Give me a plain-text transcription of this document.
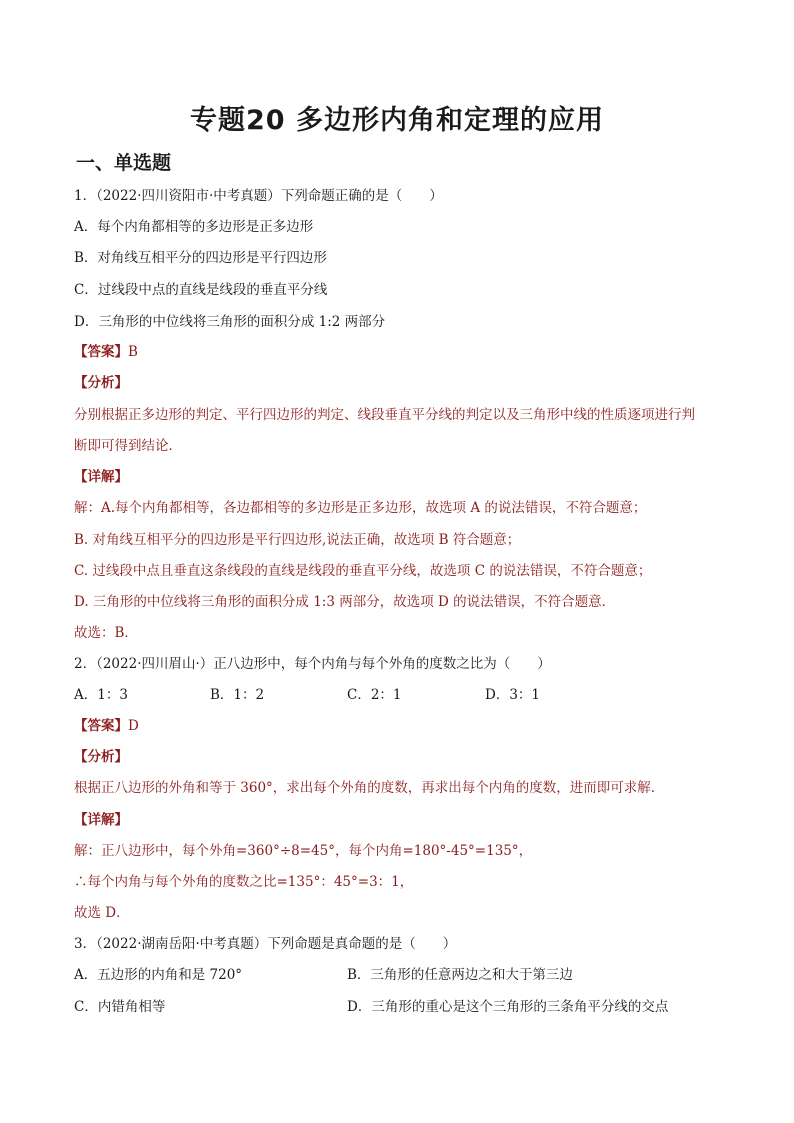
专题20 多边形内角和定理的应用
一、单选题
1．（2022·四川资阳市·中考真题）下列命题正确的是（　　）
A．每个内角都相等的多边形是正多边形
B．对角线互相平分的四边形是平行四边形
C．过线段中点的直线是线段的垂直平分线
D．三角形的中位线将三角形的面积分成 1:2 两部分
【答案】B
【分析】
分别根据正多边形的判定、平行四边形的判定、线段垂直平分线的判定以及三角形中线的性质逐项进行判
断即可得到结论．
【详解】
解：A.每个内角都相等，各边都相等的多边形是正多边形，故选项 A 的说法错误，不符合题意；
B. 对角线互相平分的四边形是平行四边形,说法正确，故选项 B 符合题意；
C. 过线段中点且垂直这条线段的直线是线段的垂直平分线，故选项 C 的说法错误，不符合题意；
D. 三角形的中位线将三角形的面积分成 1:3 两部分，故选项 D 的说法错误，不符合题意．
故选：B．
2．（2022·四川眉山·）正八边形中，每个内角与每个外角的度数之比为（　　）
A．1：3	B．1：2	C．2：1	D．3：1
【答案】D
【分析】
根据正八边形的外角和等于 360°，求出每个外角的度数，再求出每个内角的度数，进而即可求解．
【详解】
解：正八边形中，每个外角=360°÷8=45°，每个内角=180°-45°=135°，
∴每个内角与每个外角的度数之比=135°：45°=3：1，
故选 D．
3．（2022·湖南岳阳·中考真题）下列命题是真命题的是（　　）
A．五边形的内角和是 720°	B．三角形的任意两边之和大于第三边
C．内错角相等	D．三角形的重心是这个三角形的三条角平分线的交点
